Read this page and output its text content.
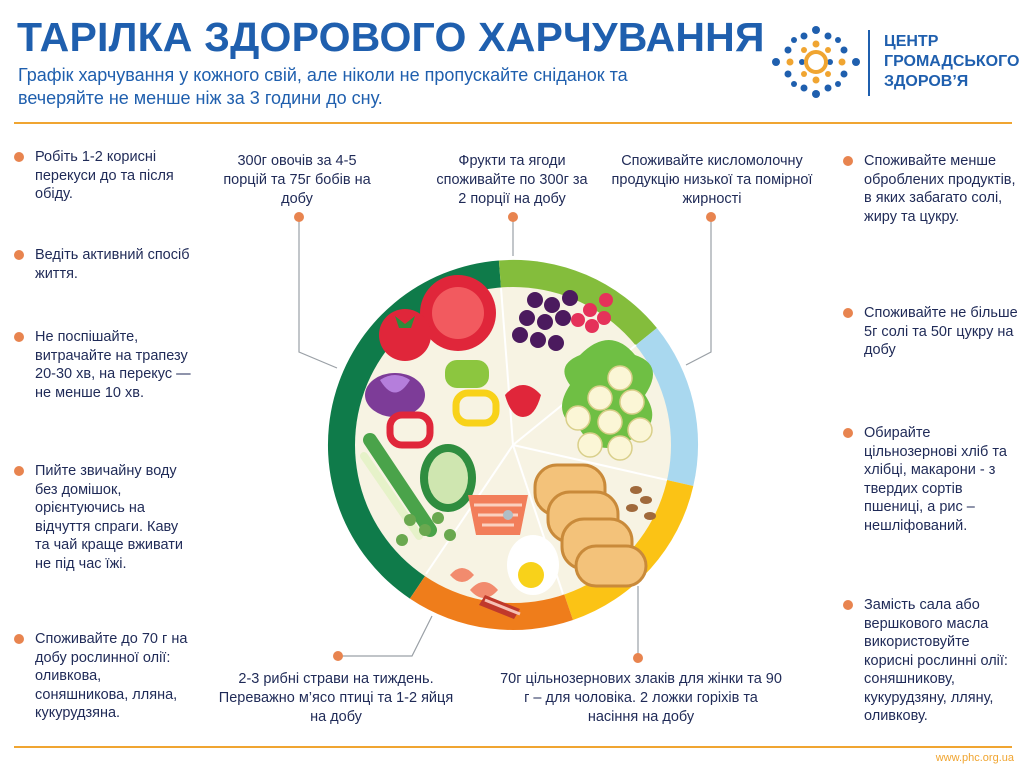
ТАРІЛКА ЗДОРОВОГО ХАРЧУВАННЯ
Графік харчування у кожного свій, але ніколи не пропускайте сніданок та вечеряйте не менше ніж за 3 години до сну.
ЦЕНТР
ГРОМАДСЬКОГО
ЗДОРОВ’Я
Робіть 1-2 корисні перекуси до та після обіду.
Ведіть активний спосіб життя.
Не поспішайте, витрачайте на трапезу 20-30 хв, на перекус — не менше 10 хв.
Пийте звичайну воду без домішок, орієнтуючись на відчуття спраги. Каву та чай краще вживати не під час їжі.
Споживайте до 70 г на добу рослинної олії: оливкова, соняшникова, лляна, кукурудзяна.
Споживайте менше оброблених продуктів, в яких забагато солі, жиру та цукру.
Споживайте не більше 5г солі та 50г цукру на добу
Обирайте цільнозернові хліб та хлібці, макарони - з твердих сортів пшениці, а рис – нешліфований.
Замість сала або вершкового масла використовуйте корисні рослинні олії: соняшникову, кукурудзяну, лляну, оливкову.
300г овочів за 4-5 порцій та 75г бобів на добу
Фрукти та ягоди споживайте по 300г за 2 порції на добу
Споживайте кисломолочну продукцію низької та помірної жирності
2-3 рибні страви на тиждень. Переважно м’ясо птиці та 1-2 яйця на добу
70г цільнозернових злаків для жінки та 90 г – для чоловіка. 2 ложки горіхів та насіння на добу
www.phc.org.ua
